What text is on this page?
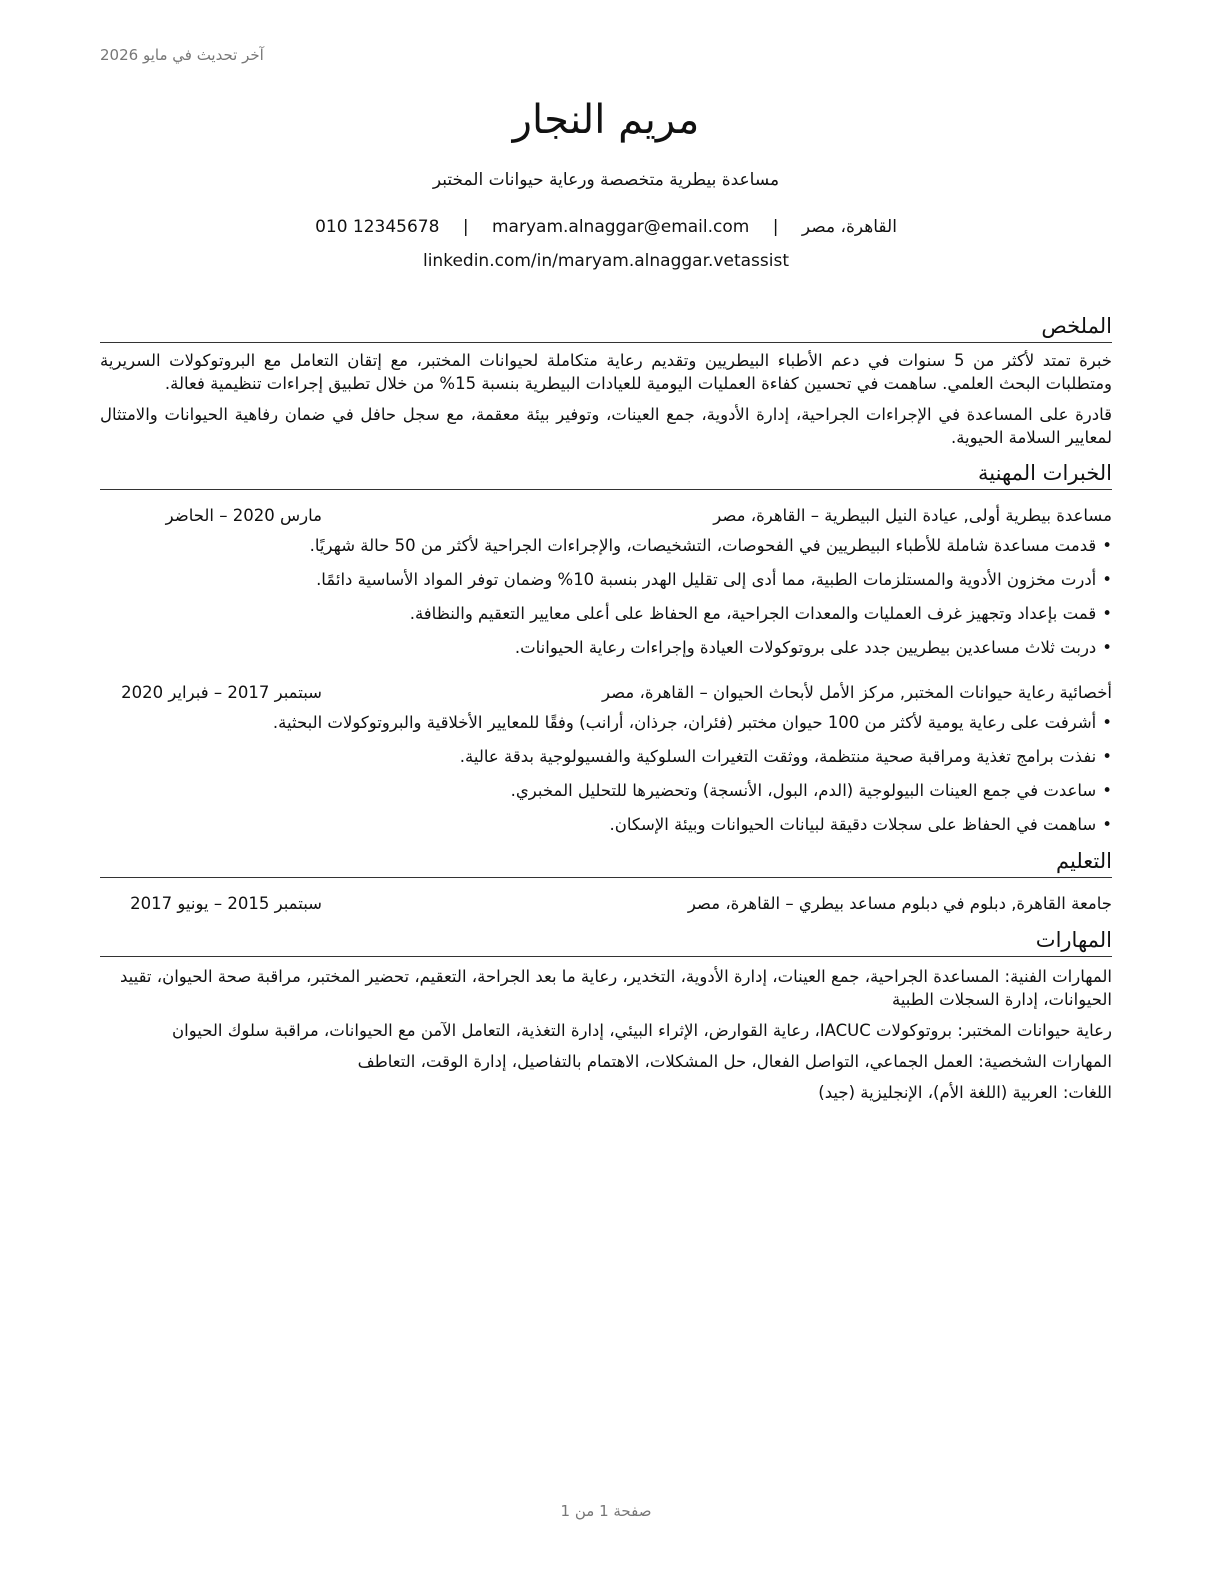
آخر تحديث في مايو 2026
مريم النجار
مساعدة بيطرية متخصصة ورعاية حيوانات المختبر
القاهرة، مصر | maryam.alnaggar@email.com | 010 12345678
linkedin.com/in/maryam.alnaggar.vetassist
الملخص

خبرة تمتد لأكثر من 5 سنوات في دعم الأطباء البيطريين وتقديم رعاية متكاملة لحيوانات المختبر، مع إتقان التعامل مع البروتوكولات السريرية ومتطلبات البحث العلمي. ساهمت في تحسين كفاءة العمليات اليومية للعيادات البيطرية بنسبة 15% من خلال تطبيق إجراءات تنظيمية فعالة.

قادرة على المساعدة في الإجراءات الجراحية، إدارة الأدوية، جمع العينات، وتوفير بيئة معقمة، مع سجل حافل في ضمان رفاهية الحيوانات والامتثال لمعايير السلامة الحيوية.

الخبرات المهنية
مساعدة بيطرية أولى, عيادة النيل البيطرية – القاهرة، مصر
مارس 2020 – الحاضر
•قدمت مساعدة شاملة للأطباء البيطريين في الفحوصات، التشخيصات، والإجراءات الجراحية لأكثر من 50 حالة شهريًا.
•أدرت مخزون الأدوية والمستلزمات الطبية، مما أدى إلى تقليل الهدر بنسبة 10% وضمان توفر المواد الأساسية دائمًا.
•قمت بإعداد وتجهيز غرف العمليات والمعدات الجراحية، مع الحفاظ على أعلى معايير التعقيم والنظافة.
•دربت ثلاث مساعدين بيطريين جدد على بروتوكولات العيادة وإجراءات رعاية الحيوانات.
أخصائية رعاية حيوانات المختبر, مركز الأمل لأبحاث الحيوان – القاهرة، مصر
سبتمبر 2017 – فبراير 2020
•أشرفت على رعاية يومية لأكثر من 100 حيوان مختبر (فئران، جرذان، أرانب) وفقًا للمعايير الأخلاقية والبروتوكولات البحثية.
•نفذت برامج تغذية ومراقبة صحية منتظمة، ووثقت التغيرات السلوكية والفسيولوجية بدقة عالية.
•ساعدت في جمع العينات البيولوجية (الدم، البول، الأنسجة) وتحضيرها للتحليل المخبري.
•ساهمت في الحفاظ على سجلات دقيقة لبيانات الحيوانات وبيئة الإسكان.
التعليم
جامعة القاهرة, دبلوم في دبلوم مساعد بيطري – القاهرة، مصر
سبتمبر 2015 – يونيو 2017
المهارات

المهارات الفنية: المساعدة الجراحية، جمع العينات، إدارة الأدوية، التخدير، رعاية ما بعد الجراحة، التعقيم، تحضير المختبر، مراقبة صحة الحيوان، تقييد الحيوانات، إدارة السجلات الطبية

رعاية حيوانات المختبر: بروتوكولات IACUC، رعاية القوارض، الإثراء البيئي، إدارة التغذية، التعامل الآمن مع الحيوانات، مراقبة سلوك الحيوان

المهارات الشخصية: العمل الجماعي، التواصل الفعال، حل المشكلات، الاهتمام بالتفاصيل، إدارة الوقت، التعاطف

اللغات: العربية (اللغة الأم)، الإنجليزية (جيد)

صفحة 1 من 1
